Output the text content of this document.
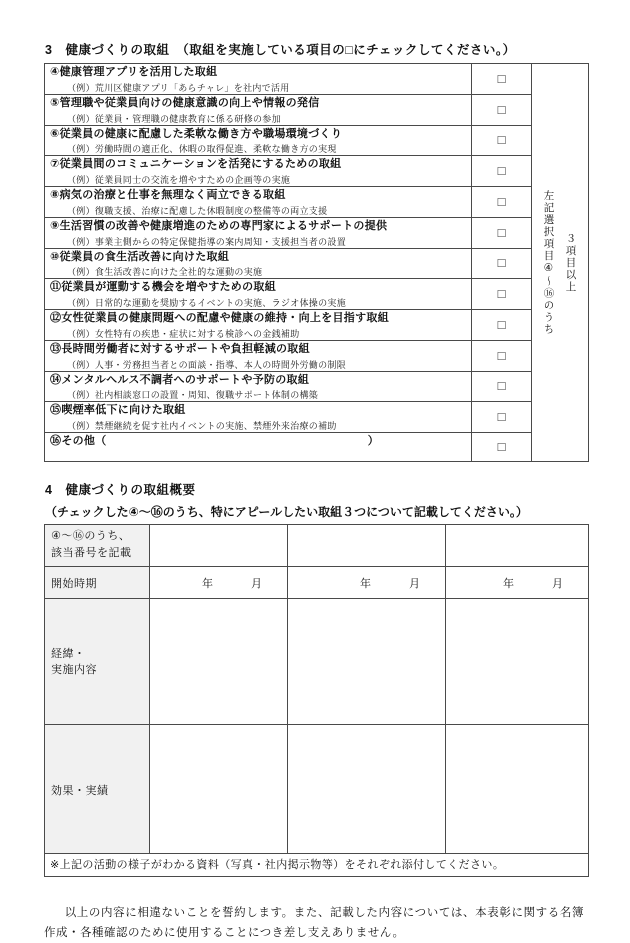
3　健康づくりの取組　（取組を実施している項目の□にチェックしてください。）
④健康管理アプリを活用した取組
（例）荒川区健康アプリ「あらチャレ」を社内で活用
	□	
左記選択項目④～⑯のうち ３項目以上

⑤管理職や従業員向けの健康意識の向上や情報の発信
（例）従業員・管理職の健康教育に係る研修の参加	□	

⑥従業員の健康に配慮した柔軟な働き方や職場環境づくり
（例）労働時間の適正化、休暇の取得促進、柔軟な働き方の実現	□	

⑦従業員間のコミュニケーションを活発にするための取組
（例）従業員同士の交流を増やすための企画等の実施	□	

⑧病気の治療と仕事を無理なく両立できる取組
（例）復職支援、治療に配慮した休暇制度の整備等の両立支援	□	

⑨生活習慣の改善や健康増進のための専門家によるサポートの提供
（例）事業主側からの特定保健指導の案内周知・支援担当者の設置	□	

⑩従業員の食生活改善に向けた取組
（例）食生活改善に向けた全社的な運動の実施	□	

⑪従業員が運動する機会を増やすための取組
（例）日常的な運動を奨励するイベントの実施、ラジオ体操の実施	□	

⑫女性従業員の健康問題への配慮や健康の維持・向上を目指す取組
（例）女性特有の疾患・症状に対する検診への金銭補助	□	

⑬長時間労働者に対するサポートや負担軽減の取組
（例）人事・労務担当者との面談・指導、本人の時間外労働の制限	□	

⑭メンタルヘルス不調者へのサポートや予防の取組
（例）社内相談窓口の設置・周知、復職サポート体制の構築	□	

⑮喫煙率低下に向けた取組
（例）禁煙継続を促す社内イベントの実施、禁煙外来治療の補助	□	

⑯ その他（ ）	□	
4　健康づくりの取組概要
（チェックした④～⑯のうち、特にアピールしたい取組３つについて記載してください。）
④～⑯のうち、
該当番号を記載			

開始時期	年 月	年 月	年 月

経緯・
実施内容			

効果・実績			
※上記の活動の様子がわかる資料（写真・社内掲示物等）をそれぞれ添付してください。			
以上の内容に相違ないことを誓約します。また、記載した内容については、本表彰に関する名簿作成・各種確認のために使用することにつき差し支えありません。
